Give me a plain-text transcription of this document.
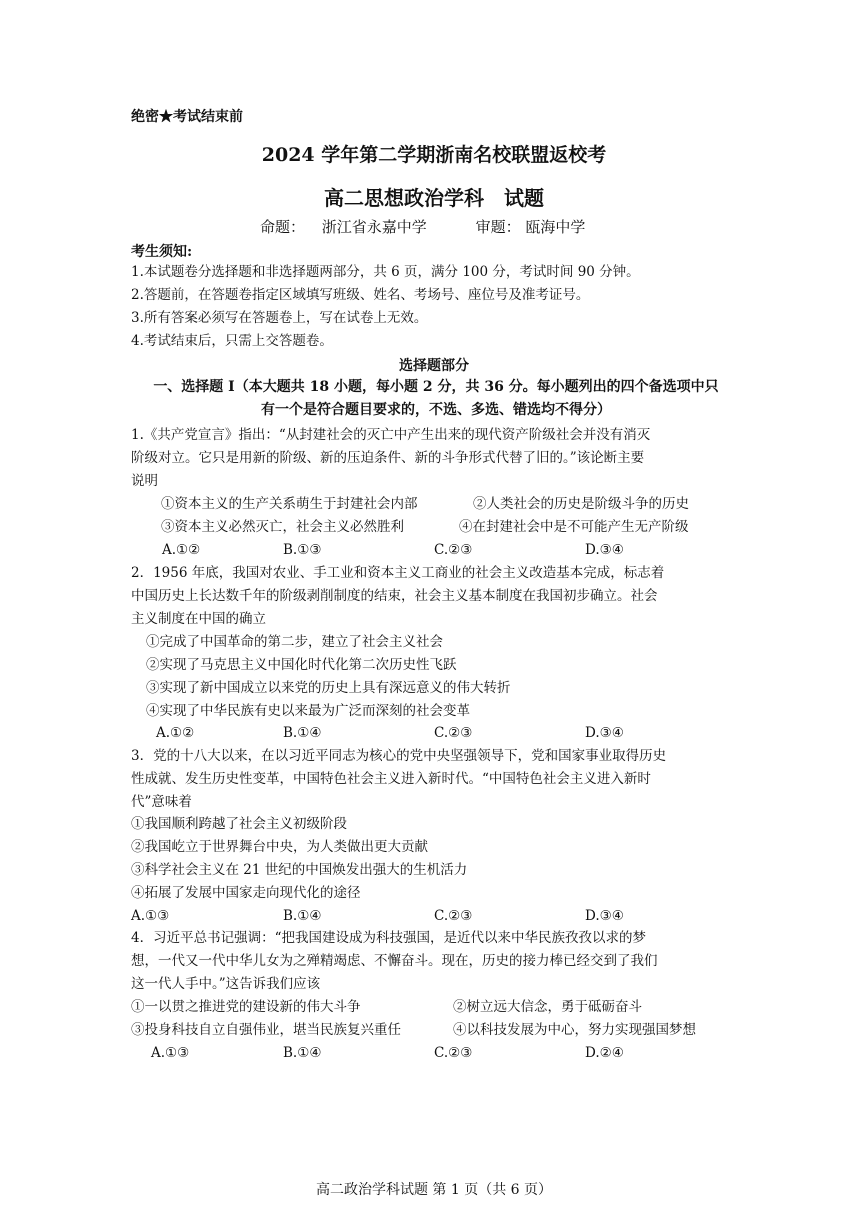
绝密★考试结束前
2024 学年第二学期浙南名校联盟返校考
高二思想政治学科　试题
命题： 浙江省永嘉中学	审题： 瓯海中学
考生须知:
1.本试题卷分选择题和非选择题两部分，共 6 页，满分 100 分，考试时间 90 分钟。
2.答题前，在答题卷指定区域填写班级、姓名、考场号、座位号及准考证号。
3.所有答案必须写在答题卷上，写在试卷上无效。
4.考试结束后，只需上交答题卷。
选择题部分
一、选择题 I（本大题共 18 小题，每小题 2 分，共 36 分。每小题列出的四个备选项中只
有一个是符合题目要求的，不选、多选、错选均不得分）
1.《共产党宣言》指出：“从封建社会的灭亡中产生出来的现代资产阶级社会并没有消灭
阶级对立。它只是用新的阶级、新的压迫条件、新的斗争形式代替了旧的。”该论断主要
说明
①资本主义的生产关系萌生于封建社会内部	②人类社会的历史是阶级斗争的历史
③资本主义必然灭亡，社会主义必然胜利	④在封建社会中是不可能产生无产阶级
A.①②	B.①③	C.②③	D.③④
2．1956 年底，我国对农业、手工业和资本主义工商业的社会主义改造基本完成，标志着
中国历史上长达数千年的阶级剥削制度的结束，社会主义基本制度在我国初步确立。社会
主义制度在中国的确立
①完成了中国革命的第二步，建立了社会主义社会
②实现了马克思主义中国化时代化第二次历史性飞跃
③实现了新中国成立以来党的历史上具有深远意义的伟大转折
④实现了中华民族有史以来最为广泛而深刻的社会变革
A.①②	B.①④	C.②③	D.③④
3．党的十八大以来，在以习近平同志为核心的党中央坚强领导下，党和国家事业取得历史
性成就、发生历史性变革，中国特色社会主义进入新时代。“中国特色社会主义进入新时
代”意味着
①我国顺利跨越了社会主义初级阶段
②我国屹立于世界舞台中央，为人类做出更大贡献
③科学社会主义在 21 世纪的中国焕发出强大的生机活力
④拓展了发展中国家走向现代化的途径
A.①③	B.①④	C.②③	D.③④
4．习近平总书记强调：“把我国建设成为科技强国，是近代以来中华民族孜孜以求的梦
想，一代又一代中华儿女为之殚精竭虑、不懈奋斗。现在，历史的接力棒已经交到了我们
这一代人手中。”这告诉我们应该
①一以贯之推进党的建设新的伟大斗争	②树立远大信念，勇于砥砺奋斗
③投身科技自立自强伟业，堪当民族复兴重任	④以科技发展为中心，努力实现强国梦想
A.①③	B.①④	C.②③	D.②④
高二政治学科试题 第 1 页（共 6 页）
